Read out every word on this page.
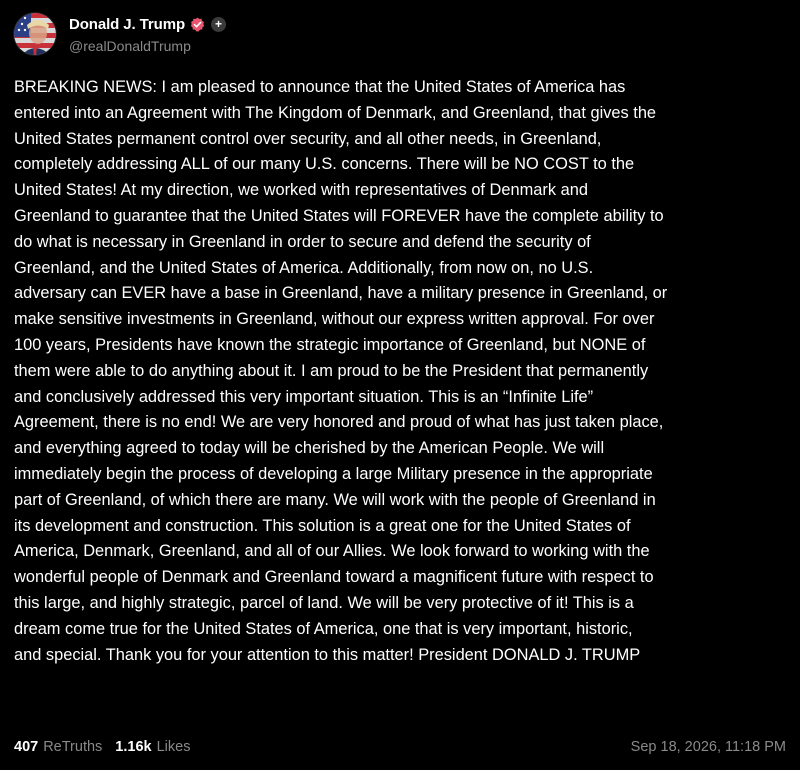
Donald J. Trump	+
@realDonaldTrump

BREAKING NEWS: I am pleased to announce that the United States of America has
entered into an Agreement with The Kingdom of Denmark, and Greenland, that gives the
United States permanent control over security, and all other needs, in Greenland,
completely addressing ALL of our many U.S. concerns. There will be NO COST to the
United States! At my direction, we worked with representatives of Denmark and
Greenland to guarantee that the United States will FOREVER have the complete ability to
do what is necessary in Greenland in order to secure and defend the security of
Greenland, and the United States of America. Additionally, from now on, no U.S.
adversary can EVER have a base in Greenland, have a military presence in Greenland, or
make sensitive investments in Greenland, without our express written approval. For over
100 years, Presidents have known the strategic importance of Greenland, but NONE of
them were able to do anything about it. I am proud to be the President that permanently
and conclusively addressed this very important situation. This is an “Infinite Life”
Agreement, there is no end! We are very honored and proud of what has just taken place,
and everything agreed to today will be cherished by the American People. We will
immediately begin the process of developing a large Military presence in the appropriate
part of Greenland, of which there are many. We will work with the people of Greenland in
its development and construction. This solution is a great one for the United States of
America, Denmark, Greenland, and all of our Allies. We look forward to working with the
wonderful people of Denmark and Greenland toward a magnificent future with respect to
this large, and highly strategic, parcel of land. We will be very protective of it! This is a
dream come true for the United States of America, one that is very important, historic,
and special. Thank you for your attention to this matter! President DONALD J. TRUMP

407 ReTruths 1.16k Likes	Sep 18, 2026, 11:18 PM
